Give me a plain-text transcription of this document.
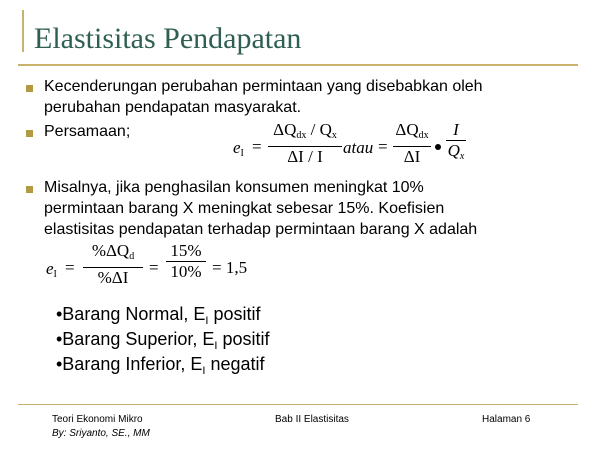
Elastisitas Pendapatan
Kecenderungan perubahan permintaan yang disebabkan oleh
perubahan pendapatan masyarakat.
Persamaan;
$e_I$ =
$\Delta Q_{dx} / Q_x$
ΔI / I	atau =
$\Delta Q_{dx}$
ΔI
I
$Q_x$
Misalnya, jika penghasilan konsumen meningkat 10%
permintaan barang X meningkat sebesar 15%. Koefisien
elastisitas pendapatan terhadap permintaan barang X adalah
$e_I$ =
$\%\Delta Q_d$
%ΔI
=
15%
10% = 1,5
•Barang Normal, $E_I$ positif
•Barang Superior, $E_I$ positif
•Barang Inferior, $E_I$ negatif
Teori Ekonomi Mikro
By: Sriyanto, SE., MM
Bab II Elastisitas	Halaman 6
